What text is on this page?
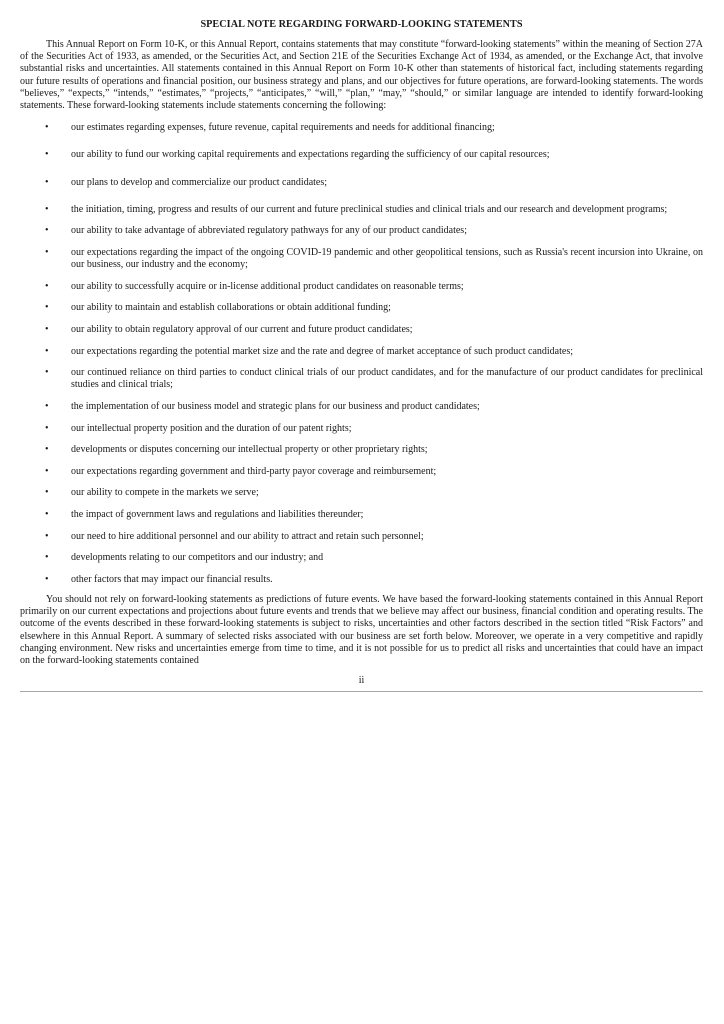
SPECIAL NOTE REGARDING FORWARD-LOOKING STATEMENTS

This Annual Report on Form 10-K, or this Annual Report, contains statements that may constitute “forward-looking statements” within the meaning of Section 27A of the Securities Act of 1933, as amended, or the Securities Act, and Section 21E of the Securities Exchange Act of 1934, as amended, or the Exchange Act, that involve substantial risks and uncertainties. All statements contained in this Annual Report on Form 10-K other than statements of historical fact, including statements regarding our future results of operations and financial position, our business strategy and plans, and our objectives for future operations, are forward-looking statements. The words “believes,” “expects,” “intends,” “estimates,” “projects,” “anticipates,” “will,” “plan,” “may,” “should,” or similar language are intended to identify forward-looking statements. These forward-looking statements include statements concerning the following:

•	our estimates regarding expenses, future revenue, capital requirements and needs for additional financing;
•	our ability to fund our working capital requirements and expectations regarding the sufficiency of our capital resources;
•	our plans to develop and commercialize our product candidates;
•	the initiation, timing, progress and results of our current and future preclinical studies and clinical trials and our research and development programs;
•	our ability to take advantage of abbreviated regulatory pathways for any of our product candidates;
•	our expectations regarding the impact of the ongoing COVID-19 pandemic and other geopolitical tensions, such as Russia's recent incursion into Ukraine, on our business, our industry and the economy;
•	our ability to successfully acquire or in-license additional product candidates on reasonable terms;
•	our ability to maintain and establish collaborations or obtain additional funding;
•	our ability to obtain regulatory approval of our current and future product candidates;
•	our expectations regarding the potential market size and the rate and degree of market acceptance of such product candidates;
•	our continued reliance on third parties to conduct clinical trials of our product candidates, and for the manufacture of our product candidates for preclinical studies and clinical trials;
•	the implementation of our business model and strategic plans for our business and product candidates;
•	our intellectual property position and the duration of our patent rights;
•	developments or disputes concerning our intellectual property or other proprietary rights;
•	our expectations regarding government and third-party payor coverage and reimbursement;
•	our ability to compete in the markets we serve;
•	the impact of government laws and regulations and liabilities thereunder;
•	our need to hire additional personnel and our ability to attract and retain such personnel;
•	developments relating to our competitors and our industry; and
•	other factors that may impact our financial results.

You should not rely on forward-looking statements as predictions of future events. We have based the forward-looking statements contained in this Annual Report primarily on our current expectations and projections about future events and trends that we believe may affect our business, financial condition and operating results. The outcome of the events described in these forward-looking statements is subject to risks, uncertainties and other factors described in the section titled “Risk Factors” and elsewhere in this Annual Report. A summary of selected risks associated with our business are set forth below. Moreover, we operate in a very competitive and rapidly changing environment. New risks and uncertainties emerge from time to time, and it is not possible for us to predict all risks and uncertainties that could have an impact on the forward-looking statements contained

ii
